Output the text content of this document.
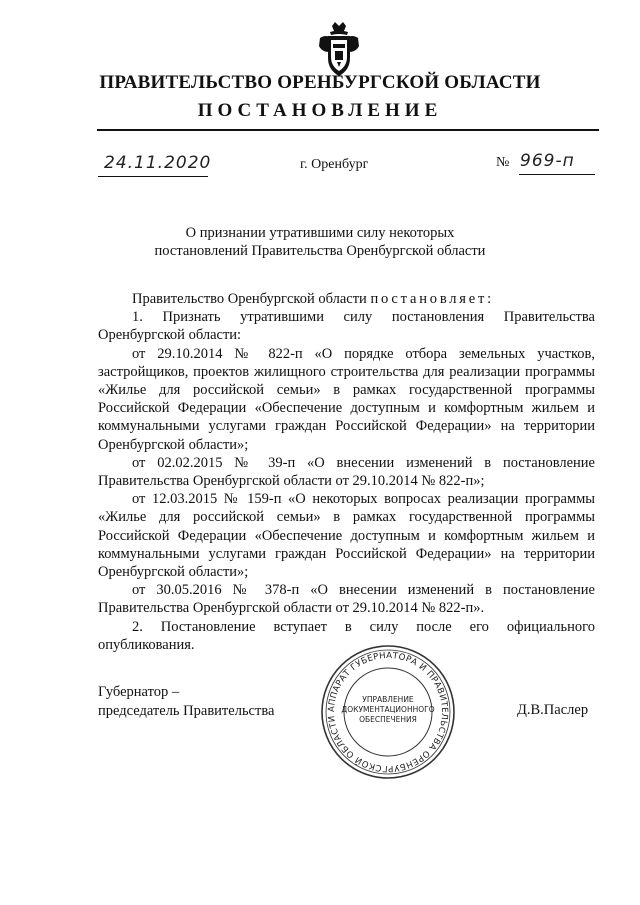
ПРАВИТЕЛЬСТВО ОРЕНБУРГСКОЙ ОБЛАСТИ
ПОСТАНОВЛЕНИЕ
24.11.2020	г. Оренбург	№ 969-п
О признании утратившими силу некоторых
постановлений Правительства Оренбургской области

Правительство Оренбургской области постановляет:

1. Признать утратившими силу постановления Правительства Оренбургской области:

от 29.10.2014 № 822-п «О порядке отбора земельных участков, застройщиков, проектов жилищного строительства для реализации программы «Жилье для российской семьи» в рамках государственной программы Российской Федерации «Обеспечение доступным и комфортным жильем и коммунальными услугами граждан Российской Федерации» на территории Оренбургской области»;

от 02.02.2015 № 39-п «О внесении изменений в постановление Правительства Оренбургской области от 29.10.2014 № 822-п»;

от 12.03.2015 № 159-п «О некоторых вопросах реализации программы «Жилье для российской семьи» в рамках государственной программы Российской Федерации «Обеспечение доступным и комфортным жильем и коммунальными услугами граждан Российской Федерации» на территории Оренбургской области»;

от 30.05.2016 № 378-п «О внесении изменений в постановление Правительства Оренбургской области от 29.10.2014 № 822-п».

2. Постановление вступает в силу после его официального опубликования.

Губернатор –
председатель Правительства	Д.В.Паслер
АППАРАТ ГУБЕРНАТОРА И ПРАВИТЕЛЬСТВА ОРЕНБУРГСКОЙ ОБЛАСТИ
УПРАВЛЕНИЕ
ДОКУМЕНТАЦИОННОГО
ОБЕСПЕЧЕНИЯ
